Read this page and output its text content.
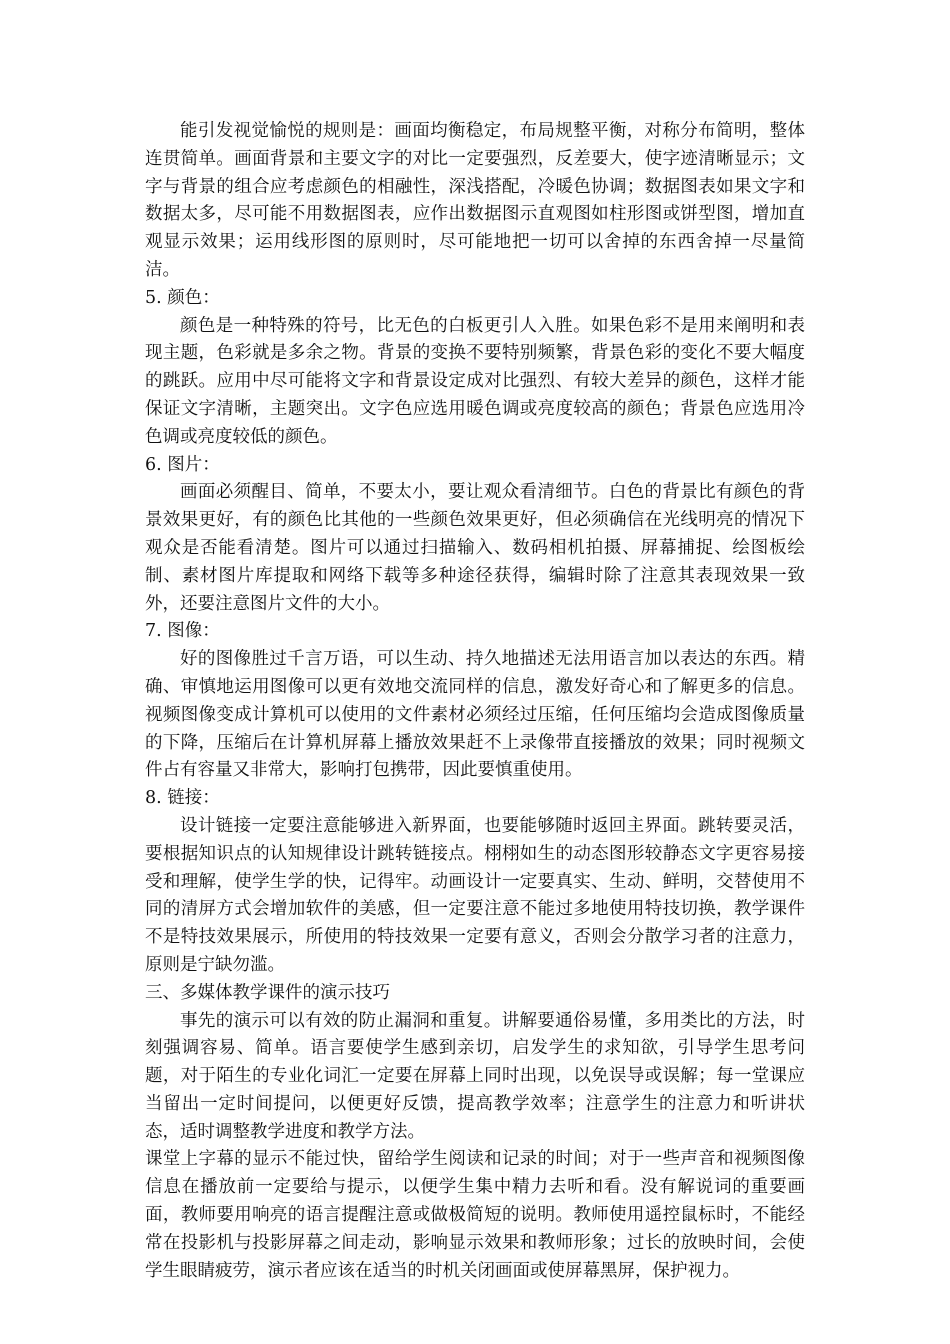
能引发视觉愉悦的规则是：画面均衡稳定，布局规整平衡，对称分布简明，整体连贯简单。画面背景和主要文字的对比一定要强烈，反差要大，使字迹清晰显示；文字与背景的组合应考虑颜色的相融性，深浅搭配，冷暖色协调；数据图表如果文字和数据太多，尽可能不用数据图表，应作出数据图示直观图如柱形图或饼型图，增加直观显示效果；运用线形图的原则时，尽可能地把一切可以舍掉的东西舍掉一尽量简洁。

5. 颜色：

颜色是一种特殊的符号，比无色的白板更引人入胜。如果色彩不是用来阐明和表现主题，色彩就是多余之物。背景的变换不要特别频繁，背景色彩的变化不要大幅度的跳跃。应用中尽可能将文字和背景设定成对比强烈、有较大差异的颜色，这样才能保证文字清晰，主题突出。文字色应选用暖色调或亮度较高的颜色；背景色应选用冷色调或亮度较低的颜色。

6. 图片：

画面必须醒目、简单，不要太小，要让观众看清细节。白色的背景比有颜色的背景效果更好，有的颜色比其他的一些颜色效果更好，但必须确信在光线明亮的情况下观众是否能看清楚。图片可以通过扫描输入、数码相机拍摄、屏幕捕捉、绘图板绘制、素材图片库提取和网络下载等多种途径获得，编辑时除了注意其表现效果一致外，还要注意图片文件的大小。

7. 图像：

好的图像胜过千言万语，可以生动、持久地描述无法用语言加以表达的东西。精确、审慎地运用图像可以更有效地交流同样的信息，激发好奇心和了解更多的信息。视频图像变成计算机可以使用的文件素材必须经过压缩，任何压缩均会造成图像质量的下降，压缩后在计算机屏幕上播放效果赶不上录像带直接播放的效果；同时视频文件占有容量又非常大，影响打包携带，因此要慎重使用。

8. 链接：

设计链接一定要注意能够进入新界面，也要能够随时返回主界面。跳转要灵活，要根据知识点的认知规律设计跳转链接点。栩栩如生的动态图形较静态文字更容易接受和理解，使学生学的快，记得牢。动画设计一定要真实、生动、鲜明，交替使用不同的清屏方式会增加软件的美感，但一定要注意不能过多地使用特技切换，教学课件不是特技效果展示，所使用的特技效果一定要有意义，否则会分散学习者的注意力，原则是宁缺勿滥。

三、多媒体教学课件的演示技巧

事先的演示可以有效的防止漏洞和重复。讲解要通俗易懂，多用类比的方法，时刻强调容易、简单。语言要使学生感到亲切，启发学生的求知欲，引导学生思考问题，对于陌生的专业化词汇一定要在屏幕上同时出现，以免误导或误解；每一堂课应当留出一定时间提问，以便更好反馈，提高教学效率；注意学生的注意力和听讲状态，适时调整教学进度和教学方法。

课堂上字幕的显示不能过快，留给学生阅读和记录的时间；对于一些声音和视频图像信息在播放前一定要给与提示，以便学生集中精力去听和看。没有解说词的重要画面，教师要用响亮的语言提醒注意或做极简短的说明。教师使用遥控鼠标时，不能经常在投影机与投影屏幕之间走动，影响显示效果和教师形象；过长的放映时间，会使学生眼睛疲劳，演示者应该在适当的时机关闭画面或使屏幕黑屏，保护视力。
